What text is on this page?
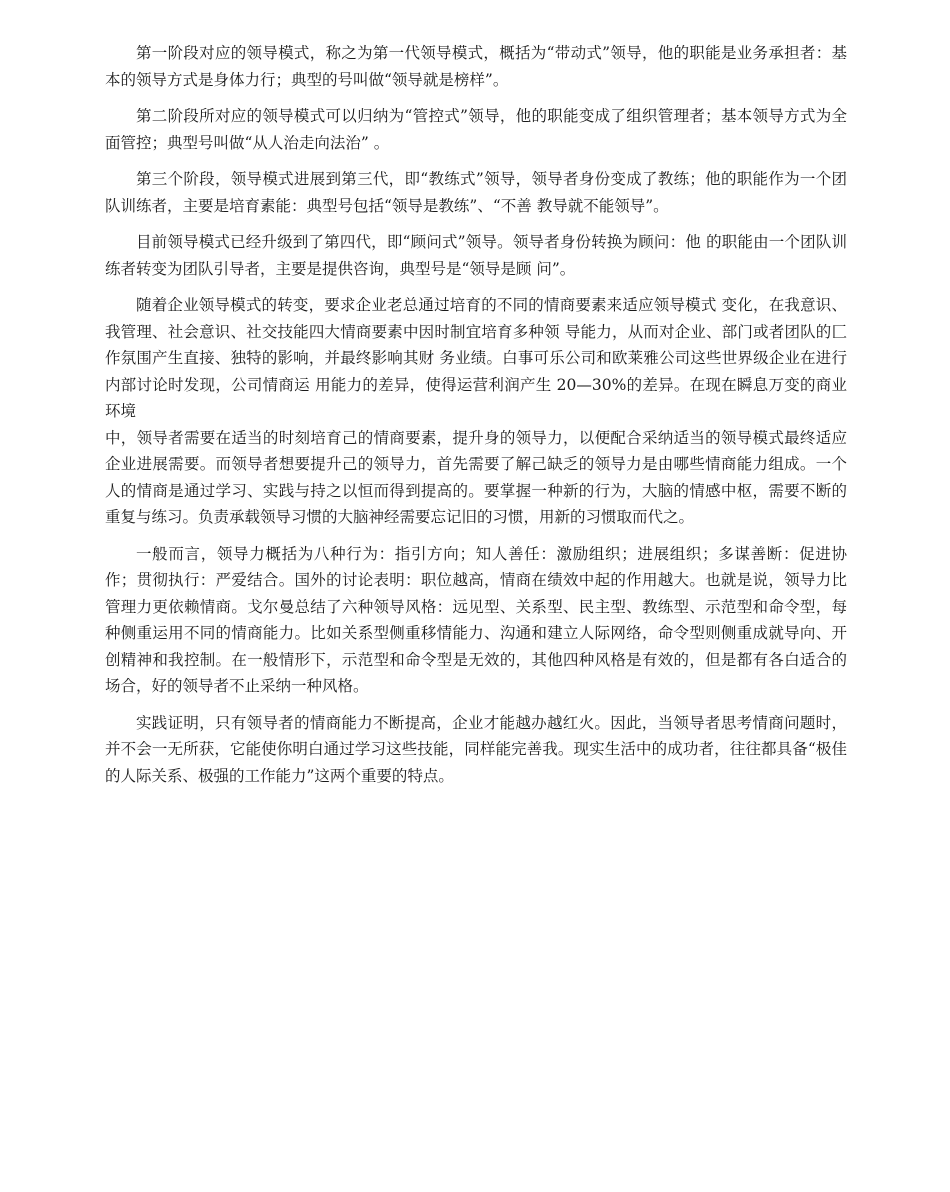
第一阶段对应的领导模式，称之为第一代领导模式，概括为“带动式”领导，他的职能是业务承担者：基本的领导方式是身体力行；典型的号叫做“领导就是榜样”。

第二阶段所对应的领导模式可以归纳为“管控式”领导，他的职能变成了组织管理者；基本领导方式为全面管控；典型号叫做“从人治走向法治” 。

第三个阶段，领导模式进展到第三代，即“教练式”领导，领导者身份变成了教练；他的职能作为一个团队训练者，主要是培育素能：典型号包括“领导是教练”、“不善 教导就不能领导”。

目前领导模式已经升级到了第四代，即“顾问式”领导。领导者身份转换为顾问：他 的职能由一个团队训练者转变为团队引导者，主要是提供咨询，典型号是“领导是顾 问”。

随着企业领导模式的转变，要求企业老总通过培育的不同的情商要素来适应领导模式 变化，在我意识、我管理、社会意识、社交技能四大情商要素中因时制宜培育多种领 导能力，从而对企业、部门或者团队的匚作氛围产生直接、独特的影响，并最终影响其财 务业绩。白事可乐公司和欧莱雅公司这些世界级企业在进行内部讨论时发现，公司情商运 用能力的差异，使得运营利润产生 20—30%的差异。在现在瞬息万变的商业环境

中，领导者需要在适当的时刻培育己的情商要素，提升身的领导力，以便配合采纳适当的领导模式最终适应企业进展需要。而领导者想要提升己的领导力，首先需要了解己缺乏的领导力是由哪些情商能力组成。一个人的情商是通过学习、实践与持之以恒而得到提高的。要掌握一种新的行为，大脑的情感中枢，需要不断的重复与练习。负责承载领导习惯的大脑神经需要忘记旧的习惯，用新的习惯取而代之。

一般而言，领导力概括为八种行为：指引方向；知人善任：激励组织；进展组织；多谋善断：促进协作；贯彻执行：严爱结合。国外的讨论表明：职位越高，情商在绩效中起的作用越大。也就是说，领导力比管理力更依赖情商。戈尔曼总结了六种领导风格：远见型、关系型、民主型、教练型、示范型和命令型，每种侧重运用不同的情商能力。比如关系型侧重移情能力、沟通和建立人际网络，命令型则侧重成就导向、开创精神和我控制。在一般情形下，示范型和命令型是无效的，其他四种风格是有效的，但是都有各白适合的场合，好的领导者不止采纳一种风格。

实践证明，只有领导者的情商能力不断提高，企业才能越办越红火。因此，当领导者思考情商问题时，并不会一无所获，它能使你明白通过学习这些技能，同样能完善我。现实生活中的成功者，往往都具备“极佳的人际关系、极强的工作能力”这两个重要的特点。
